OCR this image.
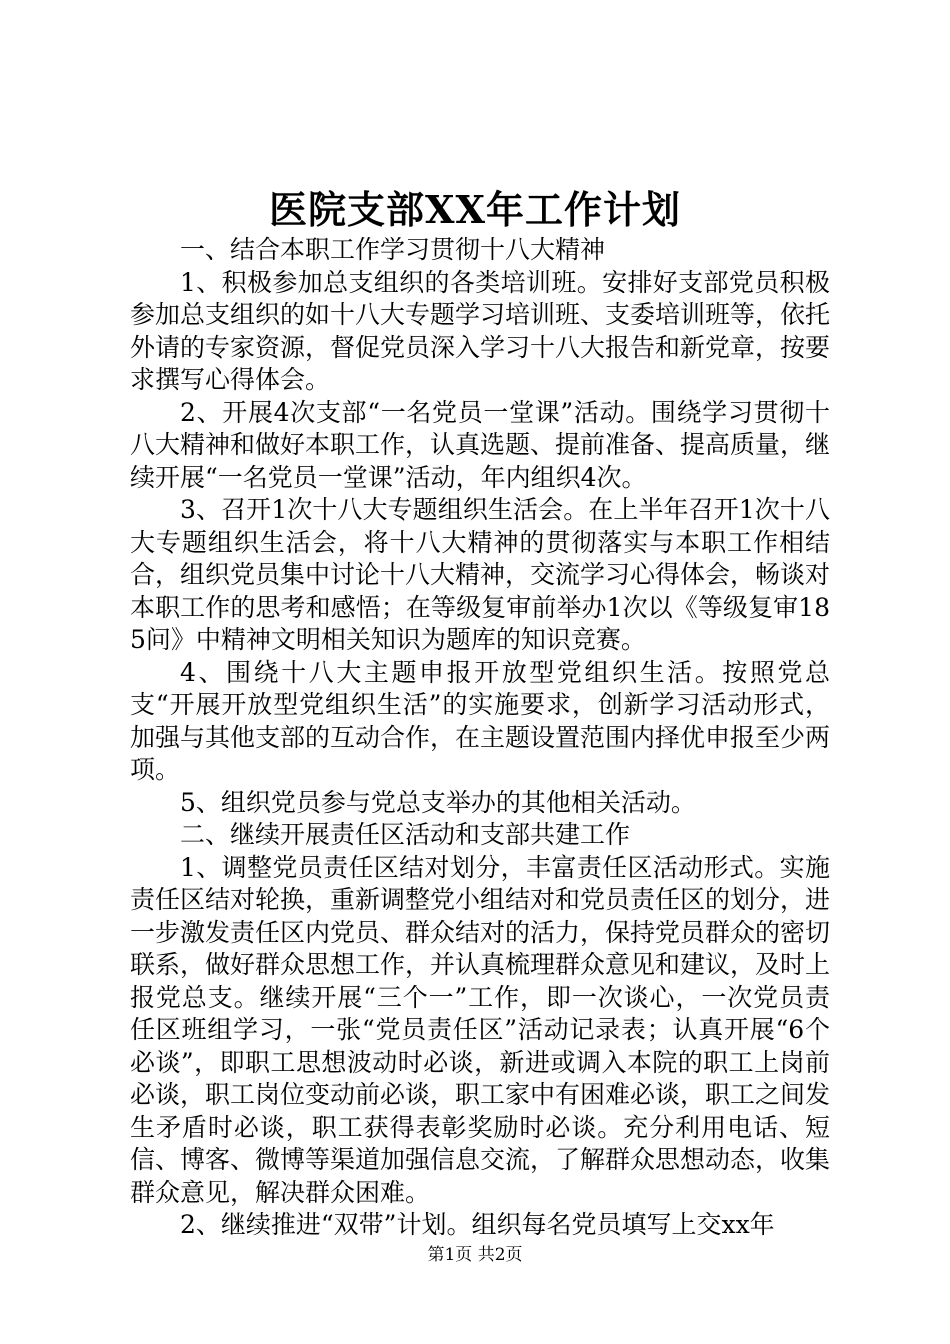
医院支部XX年工作计划

一、结合本职工作学习贯彻十八大精神

1、积极参加总支组织的各类培训班。安排好支部党员积极参加总支组织的如十八大专题学习培训班、支委培训班等，依托外请的专家资源，督促党员深入学习十八大报告和新党章，按要求撰写心得体会。

2、开展4次支部“一名党员一堂课”活动。围绕学习贯彻十八大精神和做好本职工作，认真选题、提前准备、提高质量，继续开展“一名党员一堂课”活动，年内组织4次。

3、召开1次十八大专题组织生活会。在上半年召开1次十八大专题组织生活会，将十八大精神的贯彻落实与本职工作相结合，组织党员集中讨论十八大精神，交流学习心得体会，畅谈对本职工作的思考和感悟；在等级复审前举办1次以《等级复审185问》中精神文明相关知识为题库的知识竞赛。

4、围绕十八大主题申报开放型党组织生活。按照党总支“开展开放型党组织生活”的实施要求，创新学习活动形式，加强与其他支部的互动合作，在主题设置范围内择优申报至少两项。

5、组织党员参与党总支举办的其他相关活动。

二、继续开展责任区活动和支部共建工作

1、调整党员责任区结对划分，丰富责任区活动形式。实施责任区结对轮换，重新调整党小组结对和党员责任区的划分，进一步激发责任区内党员、群众结对的活力，保持党员群众的密切联系，做好群众思想工作，并认真梳理群众意见和建议，及时上报党总支。继续开展“三个一”工作，即一次谈心，一次党员责任区班组学习，一张“党员责任区”活动记录表；认真开展“6个必谈”，即职工思想波动时必谈，新进或调入本院的职工上岗前必谈，职工岗位变动前必谈，职工家中有困难必谈，职工之间发生矛盾时必谈，职工获得表彰奖励时必谈。充分利用电话、短信、博客、微博等渠道加强信息交流，了解群众思想动态，收集群众意见，解决群众困难。

2、继续推进“双带”计划。组织每名党员填写上交xx年

第1页 共2页
